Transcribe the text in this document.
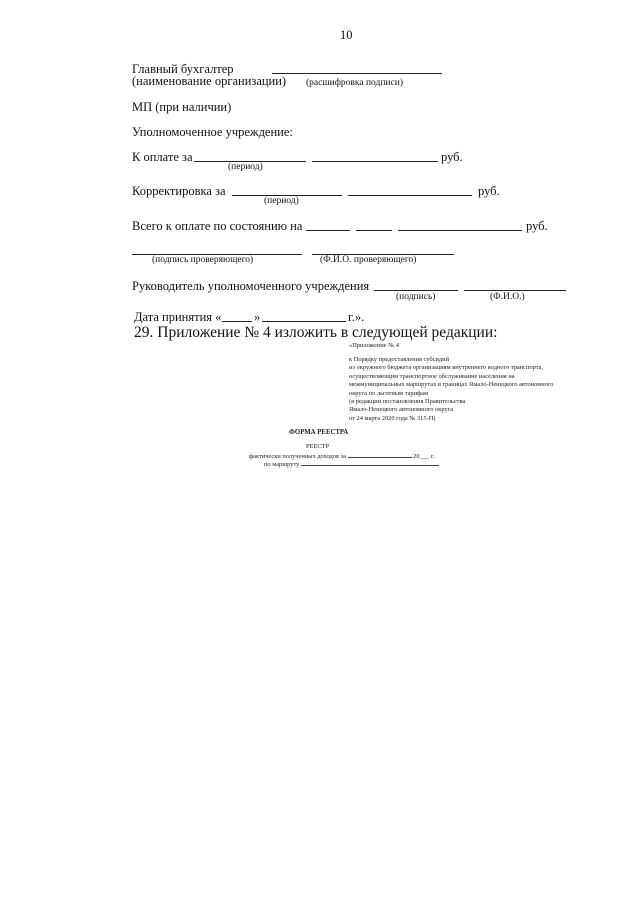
10
Главный бухгалтер
(наименование организации) (расшифровка подписи)
МП (при наличии)
Уполномоченное учреждение:
К оплате за	руб.
(период)
Корректировка за	руб.
(период)
Всего к оплате по состоянию на	руб.
(подпись проверяющего)	(Ф.И.О. проверяющего)
Руководитель уполномоченного учреждения
(подпись)	(Ф.И.О.)
Дата принятия «	»	г.».
29. Приложение № 4 изложить в следующей редакции:
«Приложение № 4
к Порядку предоставления субсидий
из окружного бюджета организациям внутреннего водного транспорта,
осуществляющим транспортное обслуживание населения на
межмуниципальных маршрутах в границах Ямало-Ненецкого автономного
округа по льготным тарифам
(в редакции постановления Правительства
Ямало-Ненецкого автономного округа
от 24 марта 2020 года № 315-П)
ФОРМА РЕЕСТРА
РЕЕСТР
фактически полученных доходов за	20___ г.
по маршруту
